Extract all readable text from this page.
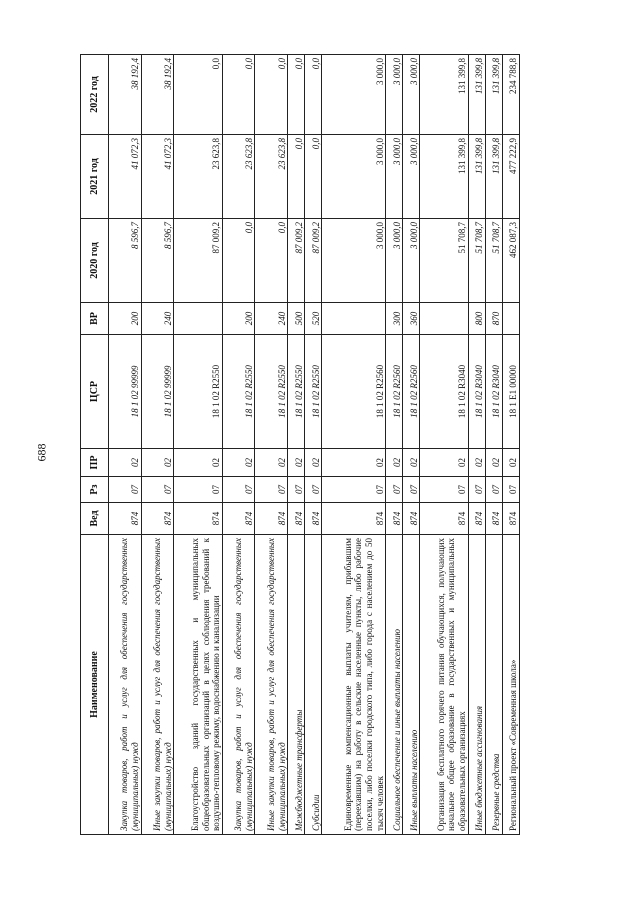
688
Наименование	Вед	Рз	ПР	ЦСР	ВР	2020 год	2021 год	2022 год
Закупка товаров, работ и услуг для обеспечения государственных (муниципальных) нужд	874	07	02	18 1 02 99999	200	8 596,7	41 072,3	38 192,4
Иные закупки товаров, работ и услуг для обеспечения государственных (муниципальных) нужд	874	07	02	18 1 02 99999	240	8 596,7	41 072,3	38 192,4
Благоустройство зданий государственных и муниципальных общеобразовательных организаций в целях соблюдения требований к воздушно-тепловому режиму, водоснабжению и канализации	874	07	02	18 1 02 R2550		87 009,2	23 623,8	0,0
Закупка товаров, работ и услуг для обеспечения государственных (муниципальных) нужд	874	07	02	18 1 02 R2550	200	0,0	23 623,8	0,0
Иные закупки товаров, работ и услуг для обеспечения государственных (муниципальных) нужд	874	07	02	18 1 02 R2550	240	0,0	23 623,8	0,0
Межбюджетные трансферты	874	07	02	18 1 02 R2550	500	87 009,2	0,0	0,0
Субсидии	874	07	02	18 1 02 R2550	520	87 009,2	0,0	0,0
Единовременные компенсационные выплаты учителям, прибывшим (переехавшим) на работу в сельские населенные пункты, либо рабочие поселки, либо поселки городского типа, либо города с населением до 50 тысяч человек	874	07	02	18 1 02 R2560		3 000,0	3 000,0	3 000,0
Социальное обеспечение и иные выплаты населению	874	07	02	18 1 02 R2560	300	3 000,0	3 000,0	3 000,0
Иные выплаты населению	874	07	02	18 1 02 R2560	360	3 000,0	3 000,0	3 000,0
Организация бесплатного горячего питания обучающихся, получающих начальное общее образование в государственных и муниципальных образовательных организациях	874	07	02	18 1 02 R3040		51 708,7	131 399,8	131 399,8
Иные бюджетные ассигнования	874	07	02	18 1 02 R3040	800	51 708,7	131 399,8	131 399,8
Резервные средства	874	07	02	18 1 02 R3040	870	51 708,7	131 399,8	131 399,8
Региональный проект «Современная школа»	874	07	02	18 1 Е1 00000		462 087,3	477 222,9	234 788,8
